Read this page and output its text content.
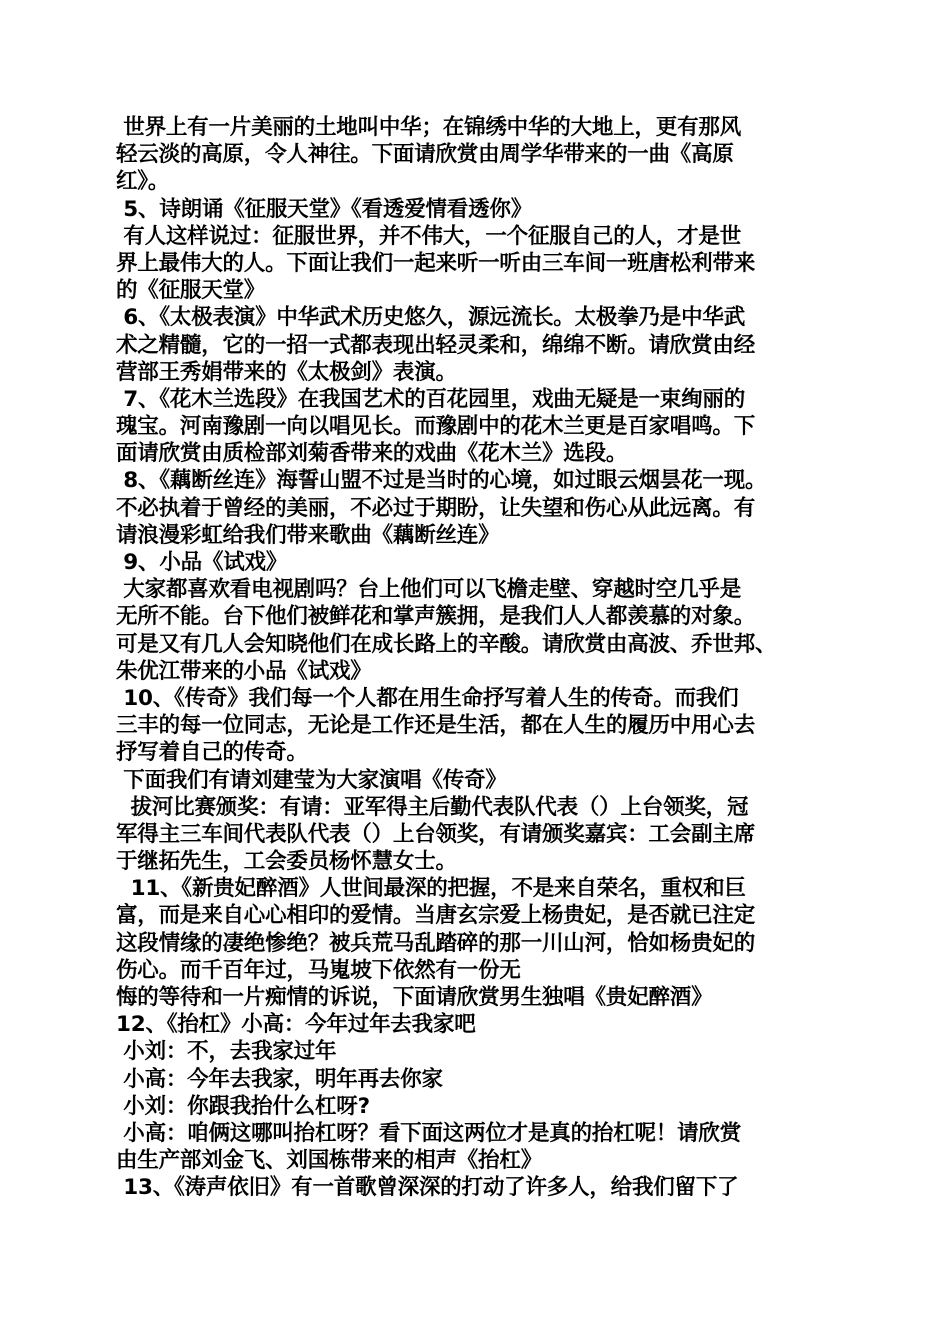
世界上有一片美丽的土地叫中华；在锦绣中华的大地上，更有那风
轻云淡的高原，令人神往。下面请欣赏由周学华带来的一曲《高原
红》。
5、诗朗诵《征服天堂》《看透爱情看透你》
有人这样说过：征服世界，并不伟大，一个征服自己的人，才是世
界上最伟大的人。下面让我们一起来听一听由三车间一班唐松利带来
的《征服天堂》
6、《太极表演》中华武术历史悠久，源远流长。太极拳乃是中华武
术之精髓，它的一招一式都表现出轻灵柔和，绵绵不断。请欣赏由经
营部王秀娟带来的《太极剑》表演。
7、《花木兰选段》在我国艺术的百花园里，戏曲无疑是一束绚丽的
瑰宝。河南豫剧一向以唱见长。而豫剧中的花木兰更是百家唱鸣。下
面请欣赏由质检部刘菊香带来的戏曲《花木兰》选段。
8、《藕断丝连》海誓山盟不过是当时的心境，如过眼云烟昙花一现。
不必执着于曾经的美丽，不必过于期盼，让失望和伤心从此远离。有
请浪漫彩虹给我们带来歌曲《藕断丝连》
9、小品《试戏》
大家都喜欢看电视剧吗？台上他们可以飞檐走壁、穿越时空几乎是
无所不能。台下他们被鲜花和掌声簇拥，是我们人人都羡慕的对象。
可是又有几人会知晓他们在成长路上的辛酸。请欣赏由高波、乔世邦、
朱优江带来的小品《试戏》
10、《传奇》我们每一个人都在用生命抒写着人生的传奇。而我们
三丰的每一位同志，无论是工作还是生活，都在人生的履历中用心去
抒写着自己的传奇。
下面我们有请刘建莹为大家演唱《传奇》
拔河比赛颁奖：有请：亚军得主后勤代表队代表（）上台领奖，冠
军得主三车间代表队代表（）上台领奖，有请颁奖嘉宾：工会副主席
于继拓先生，工会委员杨怀慧女士。
11、《新贵妃醉酒》人世间最深的把握，不是来自荣名，重权和巨
富，而是来自心心相印的爱情。当唐玄宗爱上杨贵妃，是否就已注定
这段情缘的凄绝惨绝？被兵荒马乱踏碎的那一川山河，恰如杨贵妃的
伤心。而千百年过，马嵬坡下依然有一份无
悔的等待和一片痴情的诉说，下面请欣赏男生独唱《贵妃醉酒》
12、《抬杠》小高：今年过年去我家吧
小刘：不，去我家过年
小高：今年去我家，明年再去你家
小刘：你跟我抬什么杠呀?
小高：咱俩这哪叫抬杠呀？看下面这两位才是真的抬杠呢！请欣赏
由生产部刘金飞、刘国栋带来的相声《抬杠》
13、《涛声依旧》有一首歌曾深深的打动了许多人，给我们留下了
